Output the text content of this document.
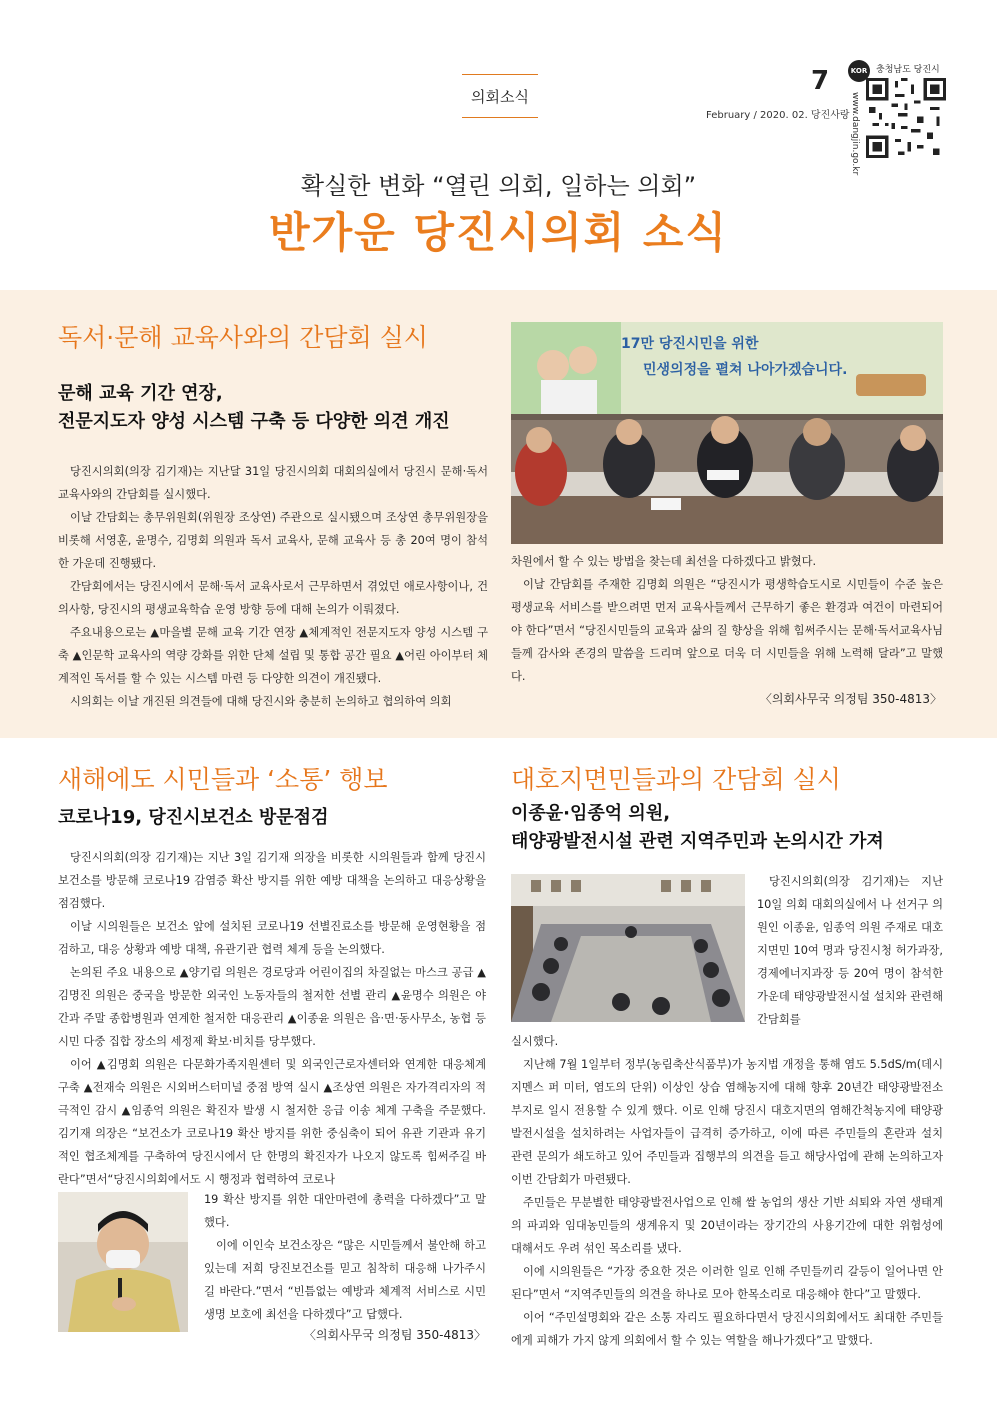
의회소식
7
February / 2020. 02. 당진사랑
KOR 충청남도 당진시
www.dangjin.go.kr
확실한 변화 “열린 의회, 일하는 의회”
반가운 당진시의회 소식
독서·문해 교육사와의 간담회 실시
문해 교육 기간 연장,
전문지도자 양성 시스템 구축 등 다양한 의견 개진

당진시의회(의장 김기재)는 지난달 31일 당진시의회 대회의실에서 당진시 문해·독서 교육사와의 간담회를 실시했다.

이날 간담회는 총무위원회(위원장 조상연) 주관으로 실시됐으며 조상연 총무위원장을 비롯해 서영훈, 윤명수, 김명회 의원과 독서 교육사, 문해 교육사 등 총 20여 명이 참석한 가운데 진행됐다.

간담회에서는 당진시에서 문해·독서 교육사로서 근무하면서 겪었던 애로사항이나, 건의사항, 당진시의 평생교육학습 운영 방향 등에 대해 논의가 이뤄졌다.

주요내용으로는 ▲마을별 문해 교육 기간 연장 ▲체계적인 전문지도자 양성 시스템 구축 ▲인문학 교육사의 역량 강화를 위한 단체 설립 및 통합 공간 필요 ▲어린 아이부터 체계적인 독서를 할 수 있는 시스템 마련 등 다양한 의견이 개진됐다.

시의회는 이날 개진된 의견들에 대해 당진시와 충분히 논의하고 협의하여 의회

17만 당진시민을 위한
민생의정을 펼쳐 나아가겠습니다.

차원에서 할 수 있는 방법을 찾는데 최선을 다하겠다고 밝혔다.

이날 간담회를 주재한 김명회 의원은 “당진시가 평생학습도시로 시민들이 수준 높은 평생교육 서비스를 받으려면 먼저 교육사들께서 근무하기 좋은 환경과 여건이 마련되어야 한다”면서 “당진시민들의 교육과 삶의 질 향상을 위해 힘써주시는 문해·독서교육사님들께 감사와 존경의 말씀을 드리며 앞으로 더욱 더 시민들을 위해 노력해 달라”고 말했다.

〈의회사무국 의정팀 350-4813〉
새해에도 시민들과 ‘소통’ 행보
코로나19, 당진시보건소 방문점검

당진시의회(의장 김기재)는 지난 3일 김기재 의장을 비롯한 시의원들과 함께 당진시 보건소를 방문해 코로나19 감염증 확산 방지를 위한 예방 대책을 논의하고 대응상황을 점검했다.

이날 시의원들은 보건소 앞에 설치된 코로나19 선별진료소를 방문해 운영현황을 점검하고, 대응 상황과 예방 대책, 유관기관 협력 체계 등을 논의했다.

논의된 주요 내용으로 ▲양기림 의원은 경로당과 어린이집의 차질없는 마스크 공급 ▲김명진 의원은 중국을 방문한 외국인 노동자들의 철저한 선별 관리 ▲윤명수 의원은 야간과 주말 종합병원과 연계한 철저한 대응관리 ▲이종윤 의원은 읍·면·동사무소, 농협 등 시민 다중 집합 장소의 세정제 확보·비치를 당부했다.

이어 ▲김명회 의원은 다문화가족지원센터 및 외국인근로자센터와 연계한 대응체계 구축 ▲전재숙 의원은 시외버스터미널 중점 방역 실시 ▲조상연 의원은 자가격리자의 적극적인 감시 ▲임종억 의원은 확진자 발생 시 철저한 응급 이송 체계 구축을 주문했다. 김기재 의장은 “보건소가 코로나19 확산 방지를 위한 중심축이 되어 유관 기관과 유기적인 협조체계를 구축하여 당진시에서 단 한명의 확진자가 나오지 않도록 힘써주길 바란다”면서“당진시의회에서도 시 행정과 협력하여 코로나

19 확산 방지를 위한 대안마련에 총력을 다하겠다”고 말했다.

이에 이인숙 보건소장은 “많은 시민들께서 불안해 하고 있는데 저희 당진보건소를 믿고 침착히 대응해 나가주시길 바란다.”면서 “빈틈없는 예방과 체계적 서비스로 시민생명 보호에 최선을 다하겠다”고 답했다.

〈의회사무국 의정팀 350-4813〉
대호지면민들과의 간담회 실시
이종윤·임종억 의원,
태양광발전시설 관련 지역주민과 논의시간 가져

당진시의회(의장 김기재)는 지난 10일 의회 대회의실에서 나 선거구 의원인 이종윤, 임종억 의원 주재로 대호지면민 10여 명과 당진시청 허가과장, 경제에너지과장 등 20여 명이 참석한 가운데 태양광발전시설 설치와 관련해 간담회를

실시했다.

지난해 7월 1일부터 정부(농림축산식품부)가 농지법 개정을 통해 염도 5.5dS/m(데시지멘스 퍼 미터, 염도의 단위) 이상인 상습 염해농지에 대해 향후 20년간 태양광발전소 부지로 일시 전용할 수 있게 했다. 이로 인해 당진시 대호지면의 염해간척농지에 태양광발전시설을 설치하려는 사업자들이 급격히 증가하고, 이에 따른 주민들의 혼란과 설치 관련 문의가 쇄도하고 있어 주민들과 집행부의 의견을 듣고 해당사업에 관해 논의하고자 이번 간담회가 마련됐다.

주민들은 무분별한 태양광발전사업으로 인해 쌀 농업의 생산 기반 쇠퇴와 자연 생태계의 파괴와 임대농민들의 생계유지 및 20년이라는 장기간의 사용기간에 대한 위험성에 대해서도 우려 섞인 목소리를 냈다.

이에 시의원들은 “가장 중요한 것은 이러한 일로 인해 주민들끼리 갈등이 일어나면 안 된다”면서 “지역주민들의 의견을 하나로 모아 한목소리로 대응해야 한다”고 말했다.

이어 “주민설명회와 같은 소통 자리도 필요하다면서 당진시의회에서도 최대한 주민들에게 피해가 가지 않게 의회에서 할 수 있는 역할을 해나가겠다”고 말했다.
